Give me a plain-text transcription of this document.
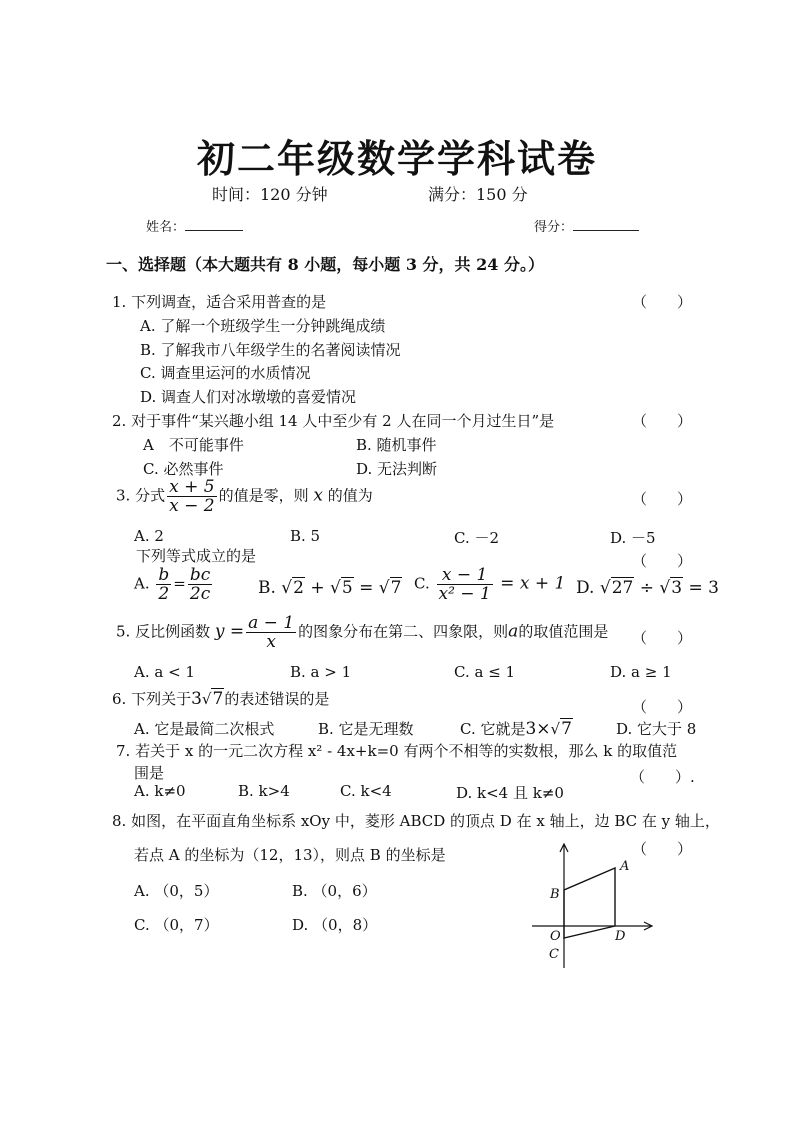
初二年级数学学科试卷
时间：120 分钟	满分：150 分
姓名：	得分：
一、选择题（本大题共有 8 小题，每小题 3 分，共 24 分。）
1. 下列调查，适合采用普查的是	（　　）
A. 了解一个班级学生一分钟跳绳成绩
B. 了解我市八年级学生的名著阅读情况
C. 调查里运河的水质情况
D. 调查人们对冰墩墩的喜爱情况
2. 对于事件“某兴趣小组 14 人中至少有 2 人在同一个月过生日”是	（　　）
A　不可能事件	B. 随机事件
C. 必然事件	D. 无法判断
3. 分式 $\frac{x + 5}{x - 2}$ 的值是零，则 x 的值为	（　　）
A. 2	B. 5	C. －2	D. －5
下列等式成立的是	（　　）
A. $\frac{b}{2} = \frac{bc}{2c}$	B. √2 + √5 = √7 C. $\frac{x - 1}{\text{x² − 1}} = x + 1$ D. √27 ÷ √3 = 3
5. 反比例函数 $y = \frac{a - 1}{x}$ 的图象分布在第二、四象限，则a的取值范围是 （　　）
A. a < 1	B. a > 1	C. a ≤ 1	D. a ≥ 1
6. 下列关于3√7的表述错误的是	（　　）
A. 它是最简二次根式	B. 它是无理数	C. 它就是3×√7	D. 它大于 8
7. 若关于 x 的一元二次方程 x² - 4x+k=0 有两个不相等的实数根，那么 k 的取值范
围是	（　　）.
A. k≠0	B. k>4	C. k<4	D. k<4 且 k≠0
8. 如图，在平面直角坐标系 xOy 中，菱形 ABCD 的顶点 D 在 x 轴上，边 BC 在 y 轴上，
若点 A 的坐标为（12，13），则点 B 的坐标是	（　　）
A. （0，5）	B. （0，6）
C. （0，7）	D. （0，8）
A
B
C
D
O
